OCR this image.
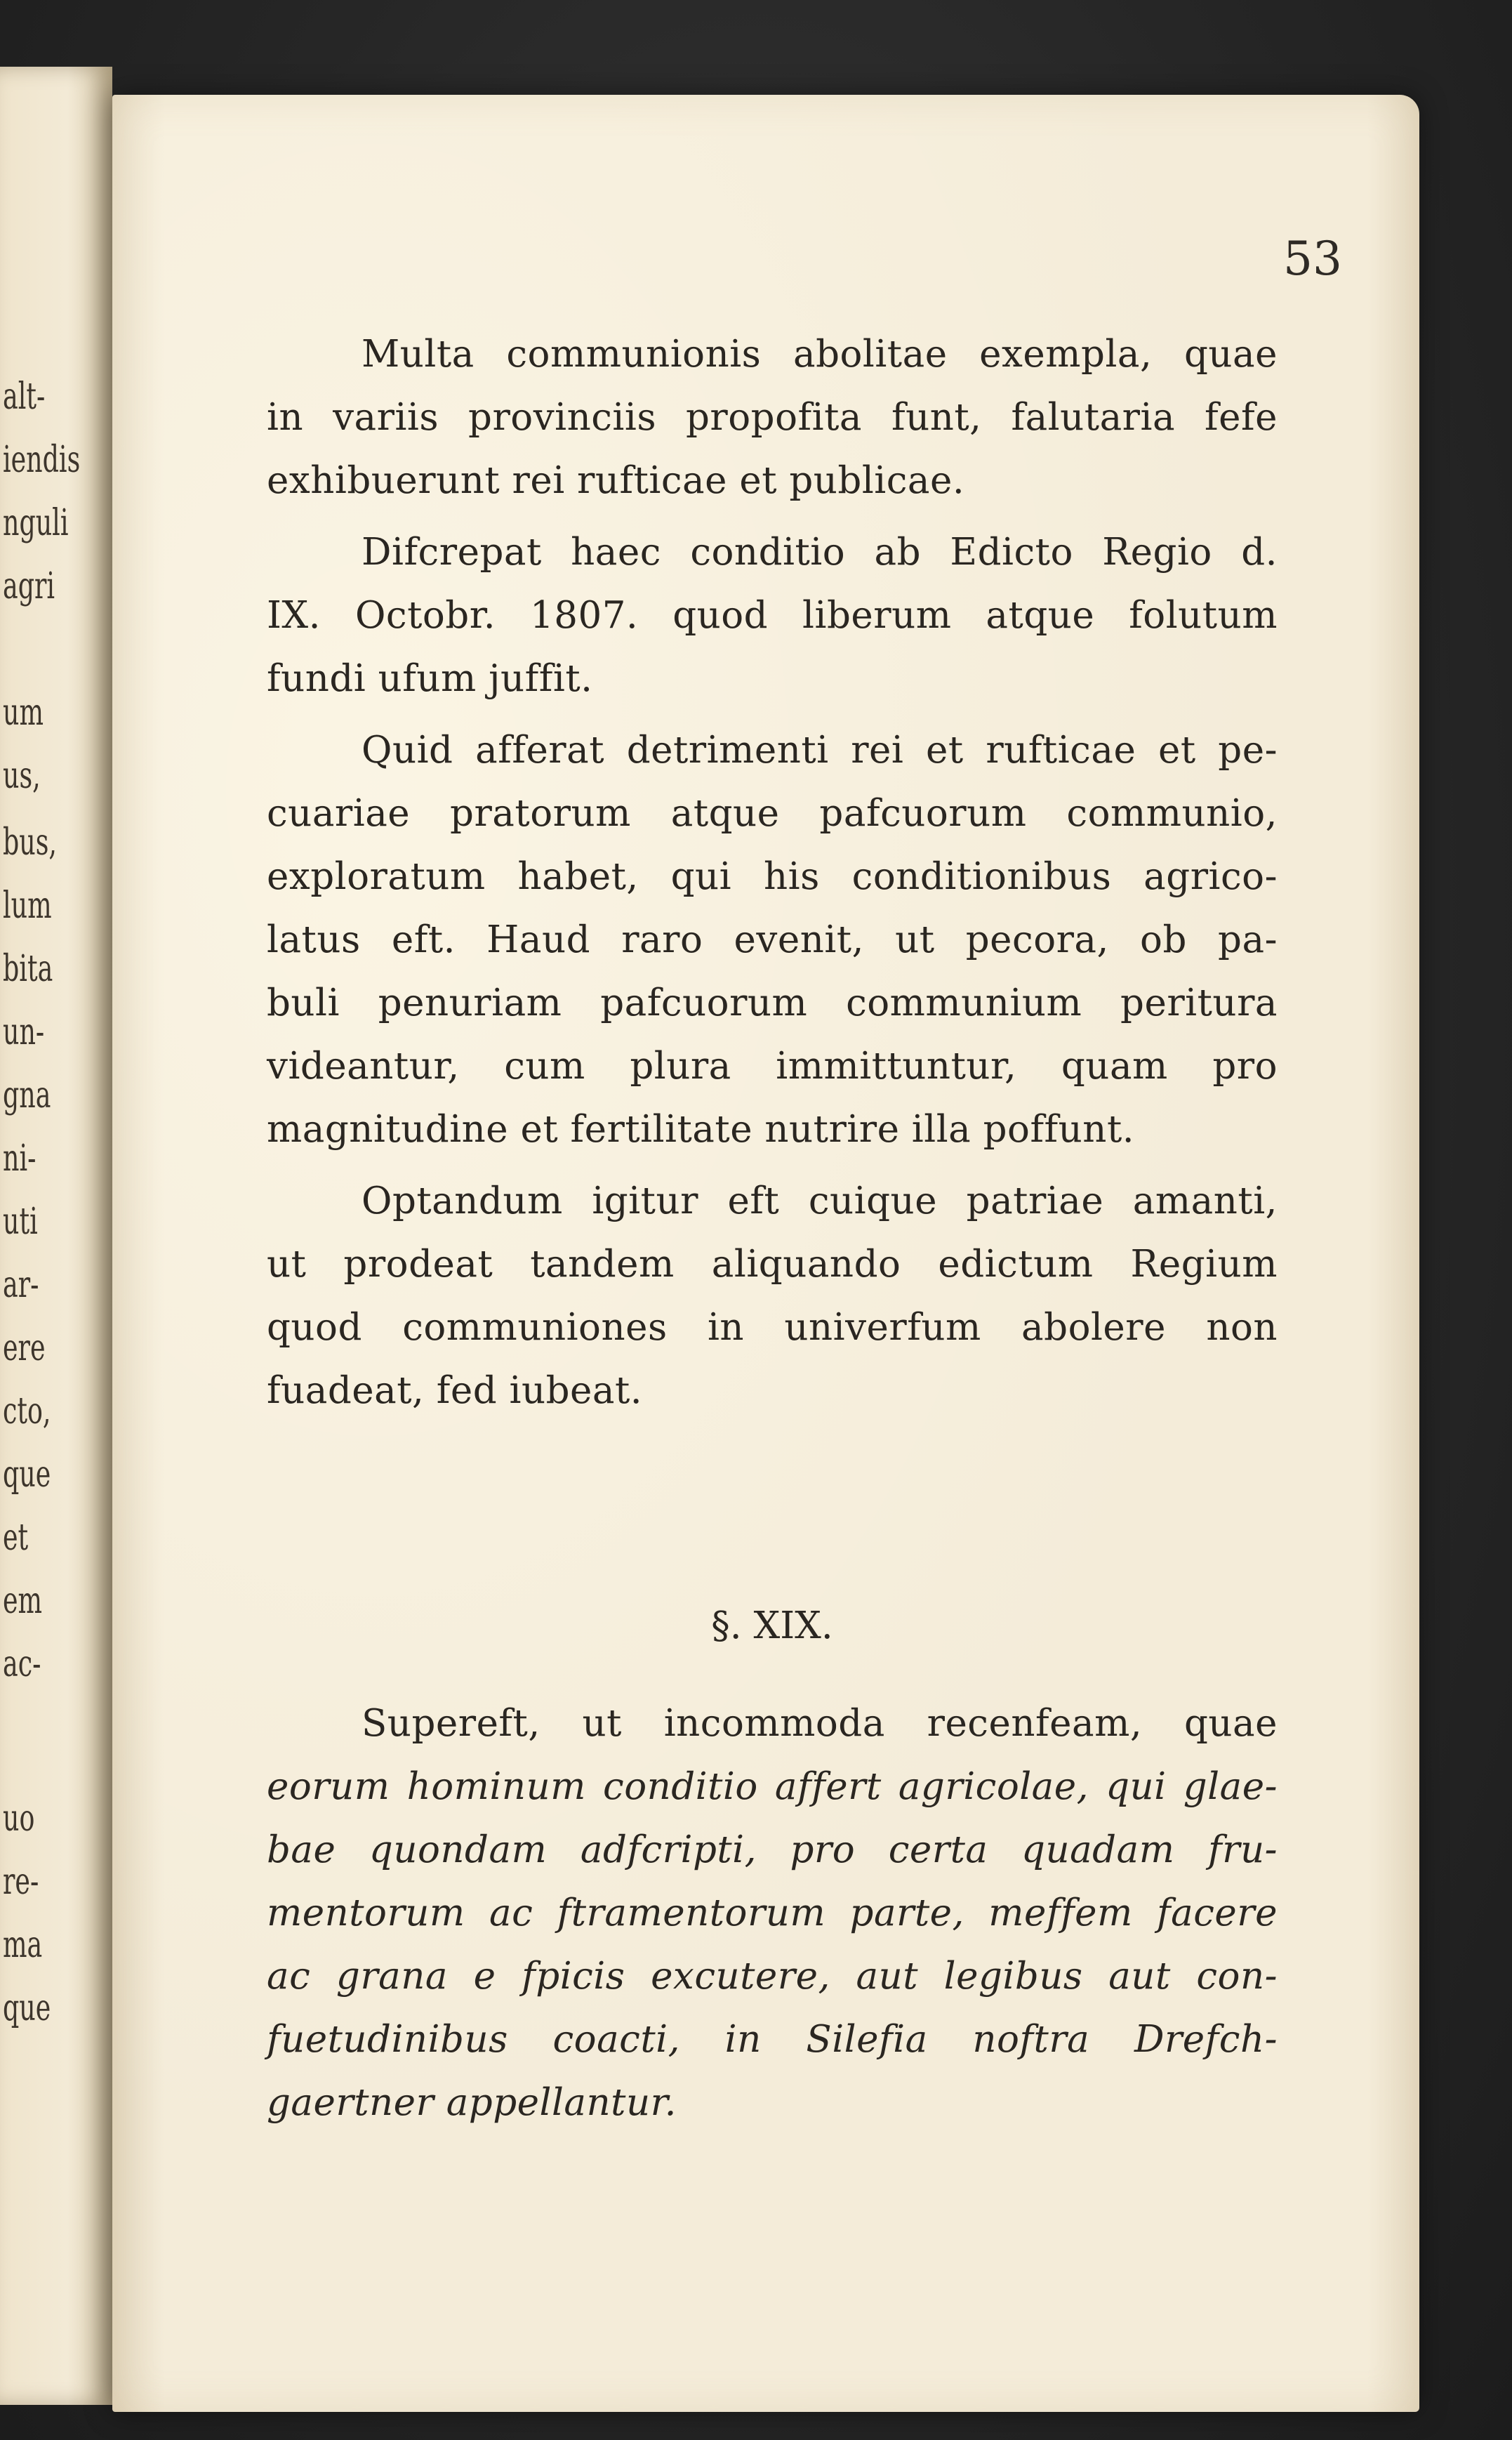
alt-
iendis
nguli
agri
um
us,
bus,
lum
bita
un-
gna
ni-
uti
ar-
ere
cto,
que
et
em
ac-
uo
re-
ma
que

53

Multa communionis abolitae exempla, quae
in variis provinciis propofita funt, falutaria fefe
exhibuerunt rei rufticae et publicae.
Difcrepat haec conditio ab Edicto Regio d.
IX. Octobr. 1807. quod liberum atque folutum
fundi ufum juffit.
Quid afferat detrimenti rei et rufticae et pe-
cuariae pratorum atque pafcuorum communio,
exploratum habet, qui his conditionibus agrico-
latus eft. Haud raro evenit, ut pecora, ob pa-
buli penuriam pafcuorum communium peritura
videantur, cum plura immittuntur, quam pro
magnitudine et fertilitate nutrire illa poffunt.
Optandum igitur eft cuique patriae amanti,
ut prodeat tandem aliquando edictum Regium
quod communiones in univerfum abolere non
fuadeat, fed iubeat.

§. XIX.

Supereft, ut incommoda recenfeam, quae
eorum hominum conditio affert agricolae, qui glae-
bae quondam adfcripti, pro certa quadam fru-
mentorum ac ftramentorum parte, meffem facere
ac grana e fpicis excutere, aut legibus aut con-
fuetudinibus coacti, in Silefia noftra Drefch-
gaertner appellantur.
